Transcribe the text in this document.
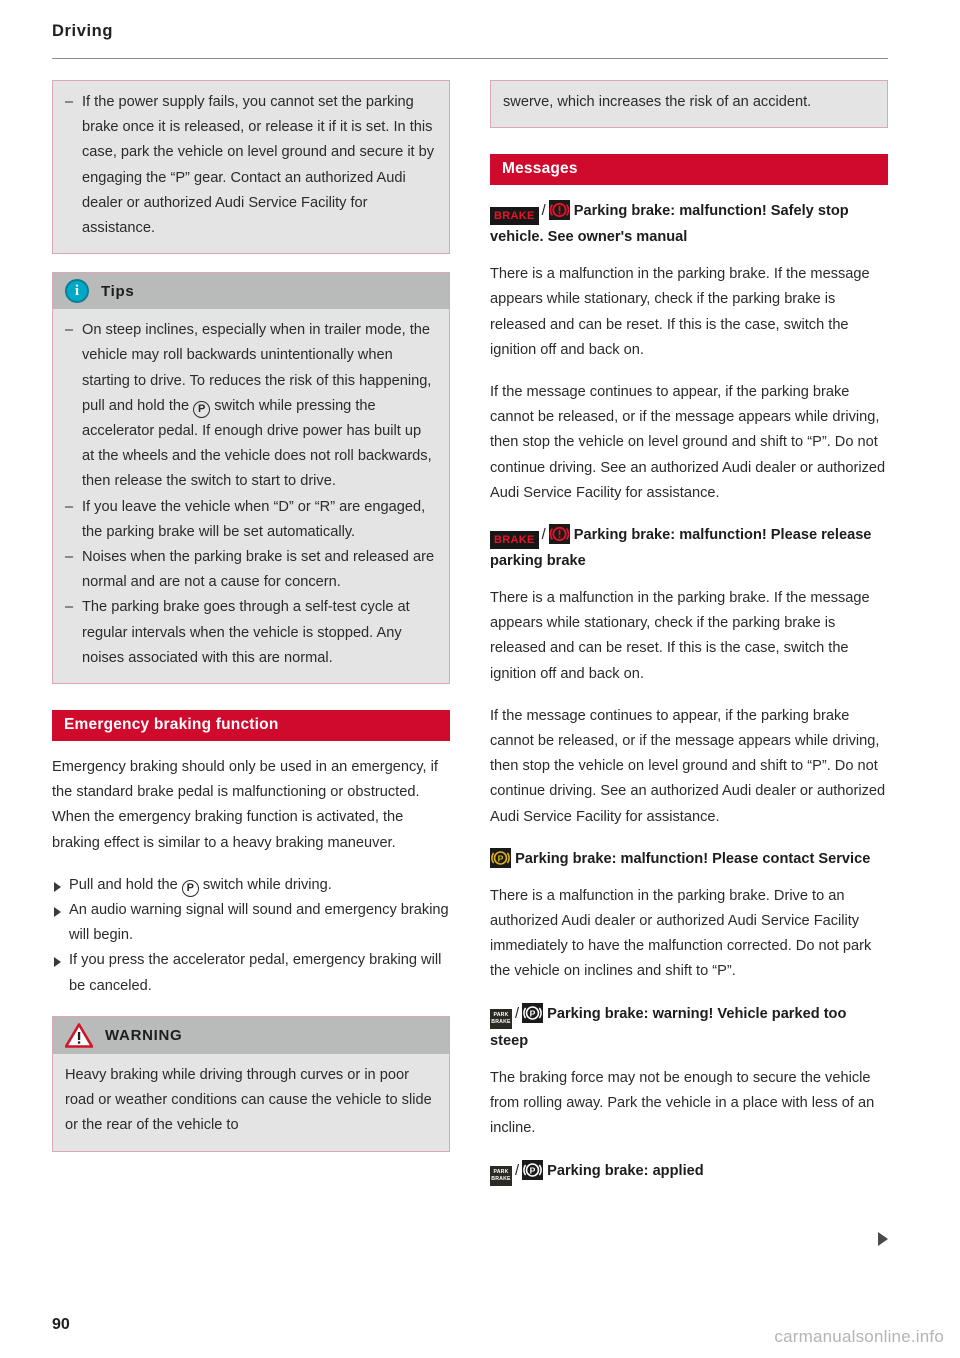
Driving
– If the power supply fails, you cannot set the parking brake once it is released, or release it if it is set. In this case, park the vehicle on level ground and secure it by engaging the “P” gear. Contact an authorized Audi dealer or authorized Audi Service Facility for assistance.
i
Tips
– On steep inclines, especially when in trailer mode, the vehicle may roll backwards unintentionally when starting to drive. To reduces the risk of this happening, pull and hold the P switch while pressing the accelerator pedal. If enough drive power has built up at the wheels and the vehicle does not roll backwards, then release the switch to start to drive.
– If you leave the vehicle when “D” or “R” are engaged, the parking brake will be set automatically.
– Noises when the parking brake is set and released are normal and are not a cause for concern.
– The parking brake goes through a self-test cycle at regular intervals when the vehicle is stopped. Any noises associated with this are normal.
Emergency braking function

Emergency braking should only be used in an emergency, if the standard brake pedal is malfunctioning or obstructed. When the emergency braking function is activated, the braking effect is similar to a heavy braking maneuver.

Pull and hold the P switch while driving.
An audio warning signal will sound and emergency braking will begin.
If you press the accelerator pedal, emergency braking will be canceled.
WARNING

Heavy braking while driving through curves or in poor road or weather conditions can cause the vehicle to slide or the rear of the vehicle to

swerve, which increases the risk of an accident.

Messages
BRAKE / Parking brake: malfunction! Safely stop vehicle. See owner's manual

There is a malfunction in the parking brake. If the message appears while stationary, check if the parking brake is released and can be reset. If this is the case, switch the ignition off and back on.

If the message continues to appear, if the parking brake cannot be released, or if the message appears while driving, then stop the vehicle on level ground and shift to “P”. Do not continue driving. See an authorized Audi dealer or authorized Audi Service Facility for assistance.

BRAKE / Parking brake: malfunction! Please release parking brake

There is a malfunction in the parking brake. If the message appears while stationary, check if the parking brake is released and can be reset. If this is the case, switch the ignition off and back on.

If the message continues to appear, if the parking brake cannot be released, or if the message appears while driving, then stop the vehicle on level ground and shift to “P”. Do not continue driving. See an authorized Audi dealer or authorized Audi Service Facility for assistance.

P Parking brake: malfunction! Please contact Service

There is a malfunction in the parking brake. Drive to an authorized Audi dealer or authorized Audi Service Facility immediately to have the malfunction corrected. Do not park the vehicle on inclines and shift to “P”.

PARK
BRAKE / P Parking brake: warning! Vehicle parked too steep

The braking force may not be enough to secure the vehicle from rolling away. Park the vehicle in a place with less of an incline.

PARK
BRAKE / P Parking brake: applied
90
carmanualsonline.info
